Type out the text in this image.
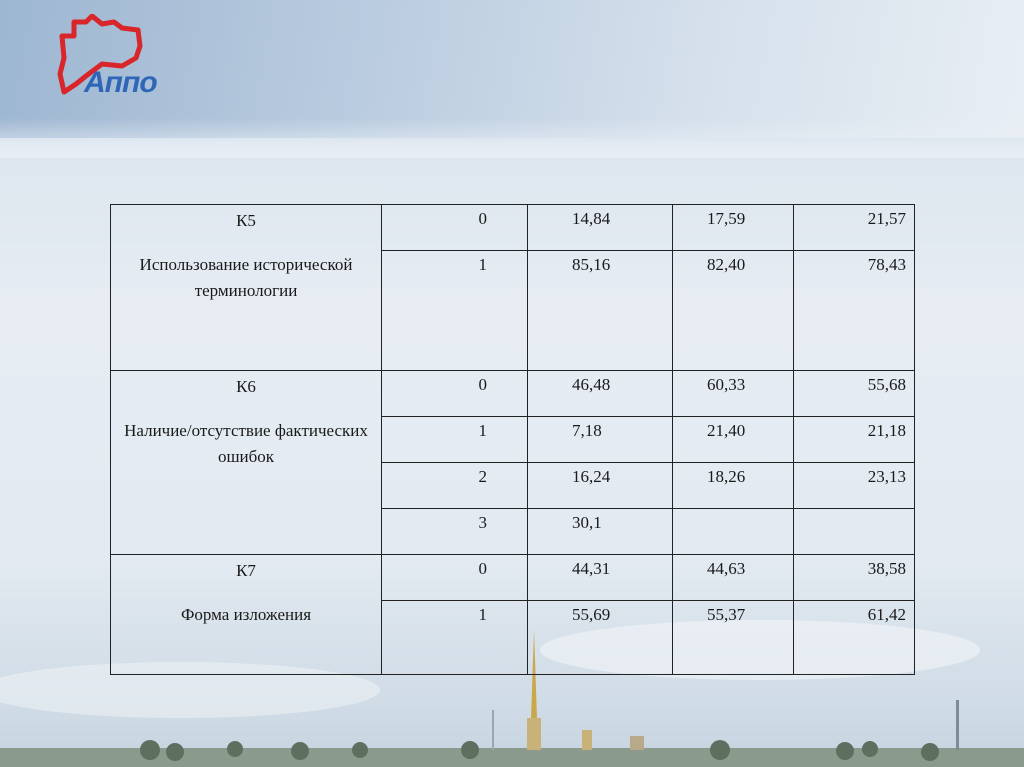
Аппо
К5
Использование исторической терминологии	0	14,84	17,59	21,57
	1	85,16	82,40	78,43

К6
Наличие/отсутствие фактических ошибок	0	46,48	60,33	55,68
	1	7,18	21,40	21,18
	2	16,24	18,26	23,13
	3	30,1		

К7
Форма изложения	0	44,31	44,63	38,58
	1	55,69	55,37	61,42
